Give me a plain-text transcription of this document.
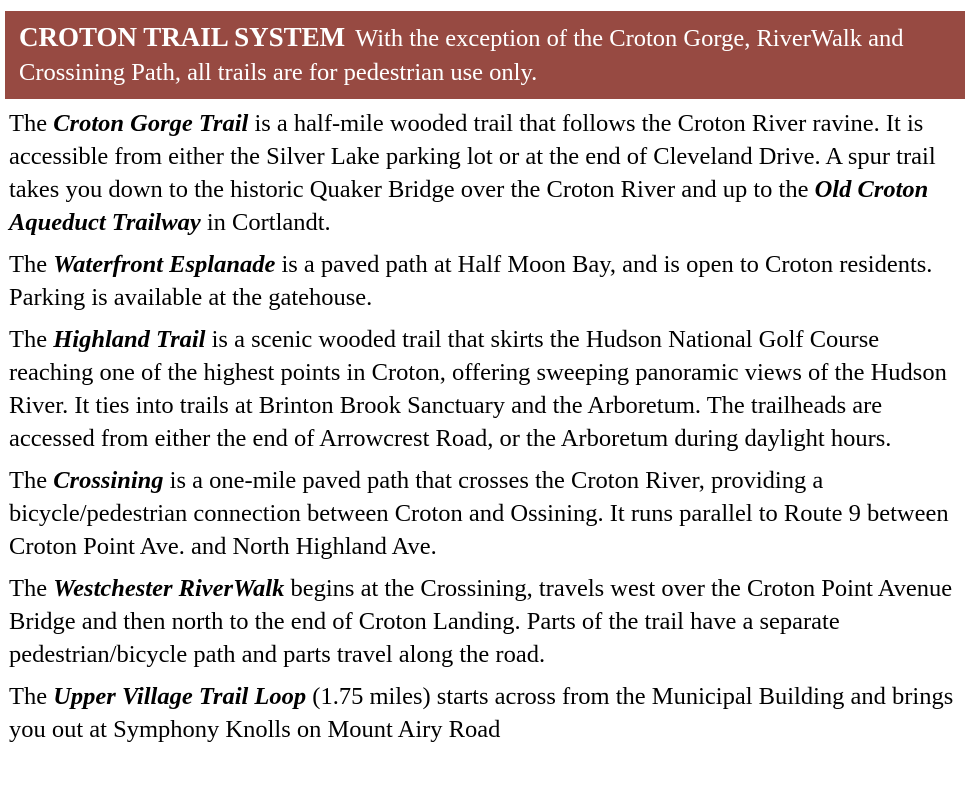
CROTON TRAIL SYSTEM With the exception of the Croton Gorge, RiverWalk and Crossining Path, all trails are for pedestrian use only.

The Croton Gorge Trail is a half-mile wooded trail that follows the Croton River ravine. It is accessible from either the Silver Lake parking lot or at the end of Cleveland Drive. A spur trail takes you down to the historic Quaker Bridge over the Croton River and up to the Old Croton Aqueduct Trailway in Cortlandt.

The Waterfront Esplanade is a paved path at Half Moon Bay, and is open to Croton residents. Parking is available at the gatehouse.

The Highland Trail is a scenic wooded trail that skirts the Hudson National Golf Course reaching one of the highest points in Croton, offering sweeping panoramic views of the Hudson River. It ties into trails at Brinton Brook Sanctuary and the Arboretum. The trailheads are accessed from either the end of Arrowcrest Road, or the Arboretum during daylight hours.

The Crossining is a one-mile paved path that crosses the Croton River, providing a bicycle/pedestrian connection between Croton and Ossining. It runs parallel to Route 9 between Croton Point Ave. and North Highland Ave.

The Westchester RiverWalk begins at the Crossining, travels west over the Croton Point Avenue Bridge and then north to the end of Croton Landing. Parts of the trail have a separate pedestrian/bicycle path and parts travel along the road.

The Upper Village Trail Loop (1.75 miles) starts across from the Municipal Building and brings you out at Symphony Knolls on Mount Airy Road
